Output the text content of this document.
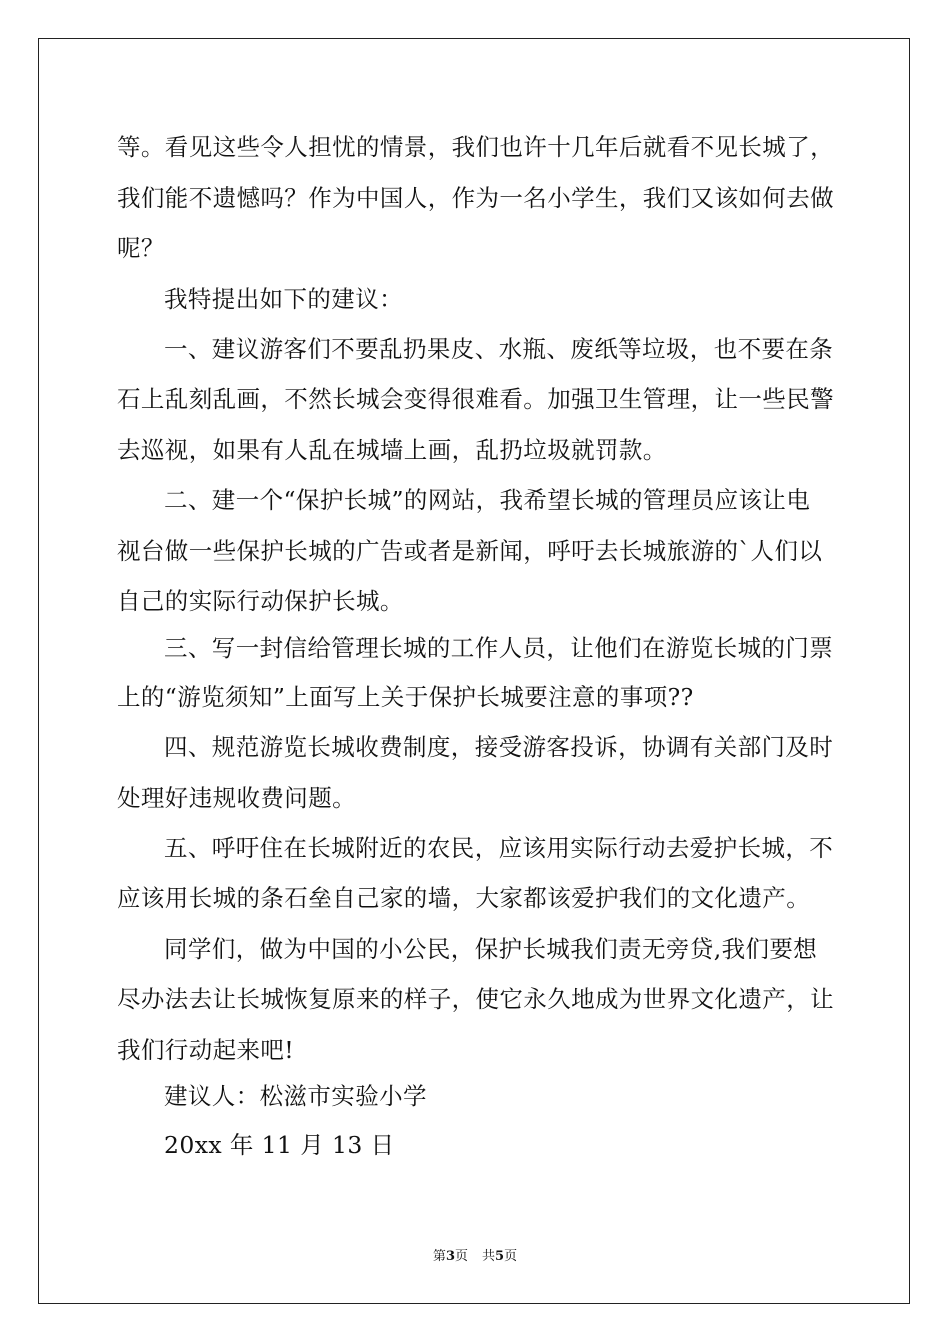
等。看见这些令人担忧的情景，我们也许十几年后就看不见长城了，
我们能不遗憾吗？作为中国人，作为一名小学生，我们又该如何去做
呢？
我特提出如下的建议：
一、建议游客们不要乱扔果皮、水瓶、废纸等垃圾，也不要在条
石上乱刻乱画，不然长城会变得很难看。加强卫生管理，让一些民警
去巡视，如果有人乱在城墙上画，乱扔垃圾就罚款。
二、建一个“保护长城”的网站，我希望长城的管理员应该让电
视台做一些保护长城的广告或者是新闻，呼吁去长城旅游的`人们以
自己的实际行动保护长城。
三、写一封信给管理长城的工作人员，让他们在游览长城的门票
上的“游览须知”上面写上关于保护长城要注意的事项??
四、规范游览长城收费制度，接受游客投诉，协调有关部门及时
处理好违规收费问题。
五、呼吁住在长城附近的农民，应该用实际行动去爱护长城，不
应该用长城的条石垒自己家的墙，大家都该爱护我们的文化遗产。
同学们，做为中国的小公民，保护长城我们责无旁贷,我们要想
尽办法去让长城恢复原来的样子，使它永久地成为世界文化遗产，让
我们行动起来吧!
建议人：松滋市实验小学
20xx 年 11 月 13 日
第3页 共5页
